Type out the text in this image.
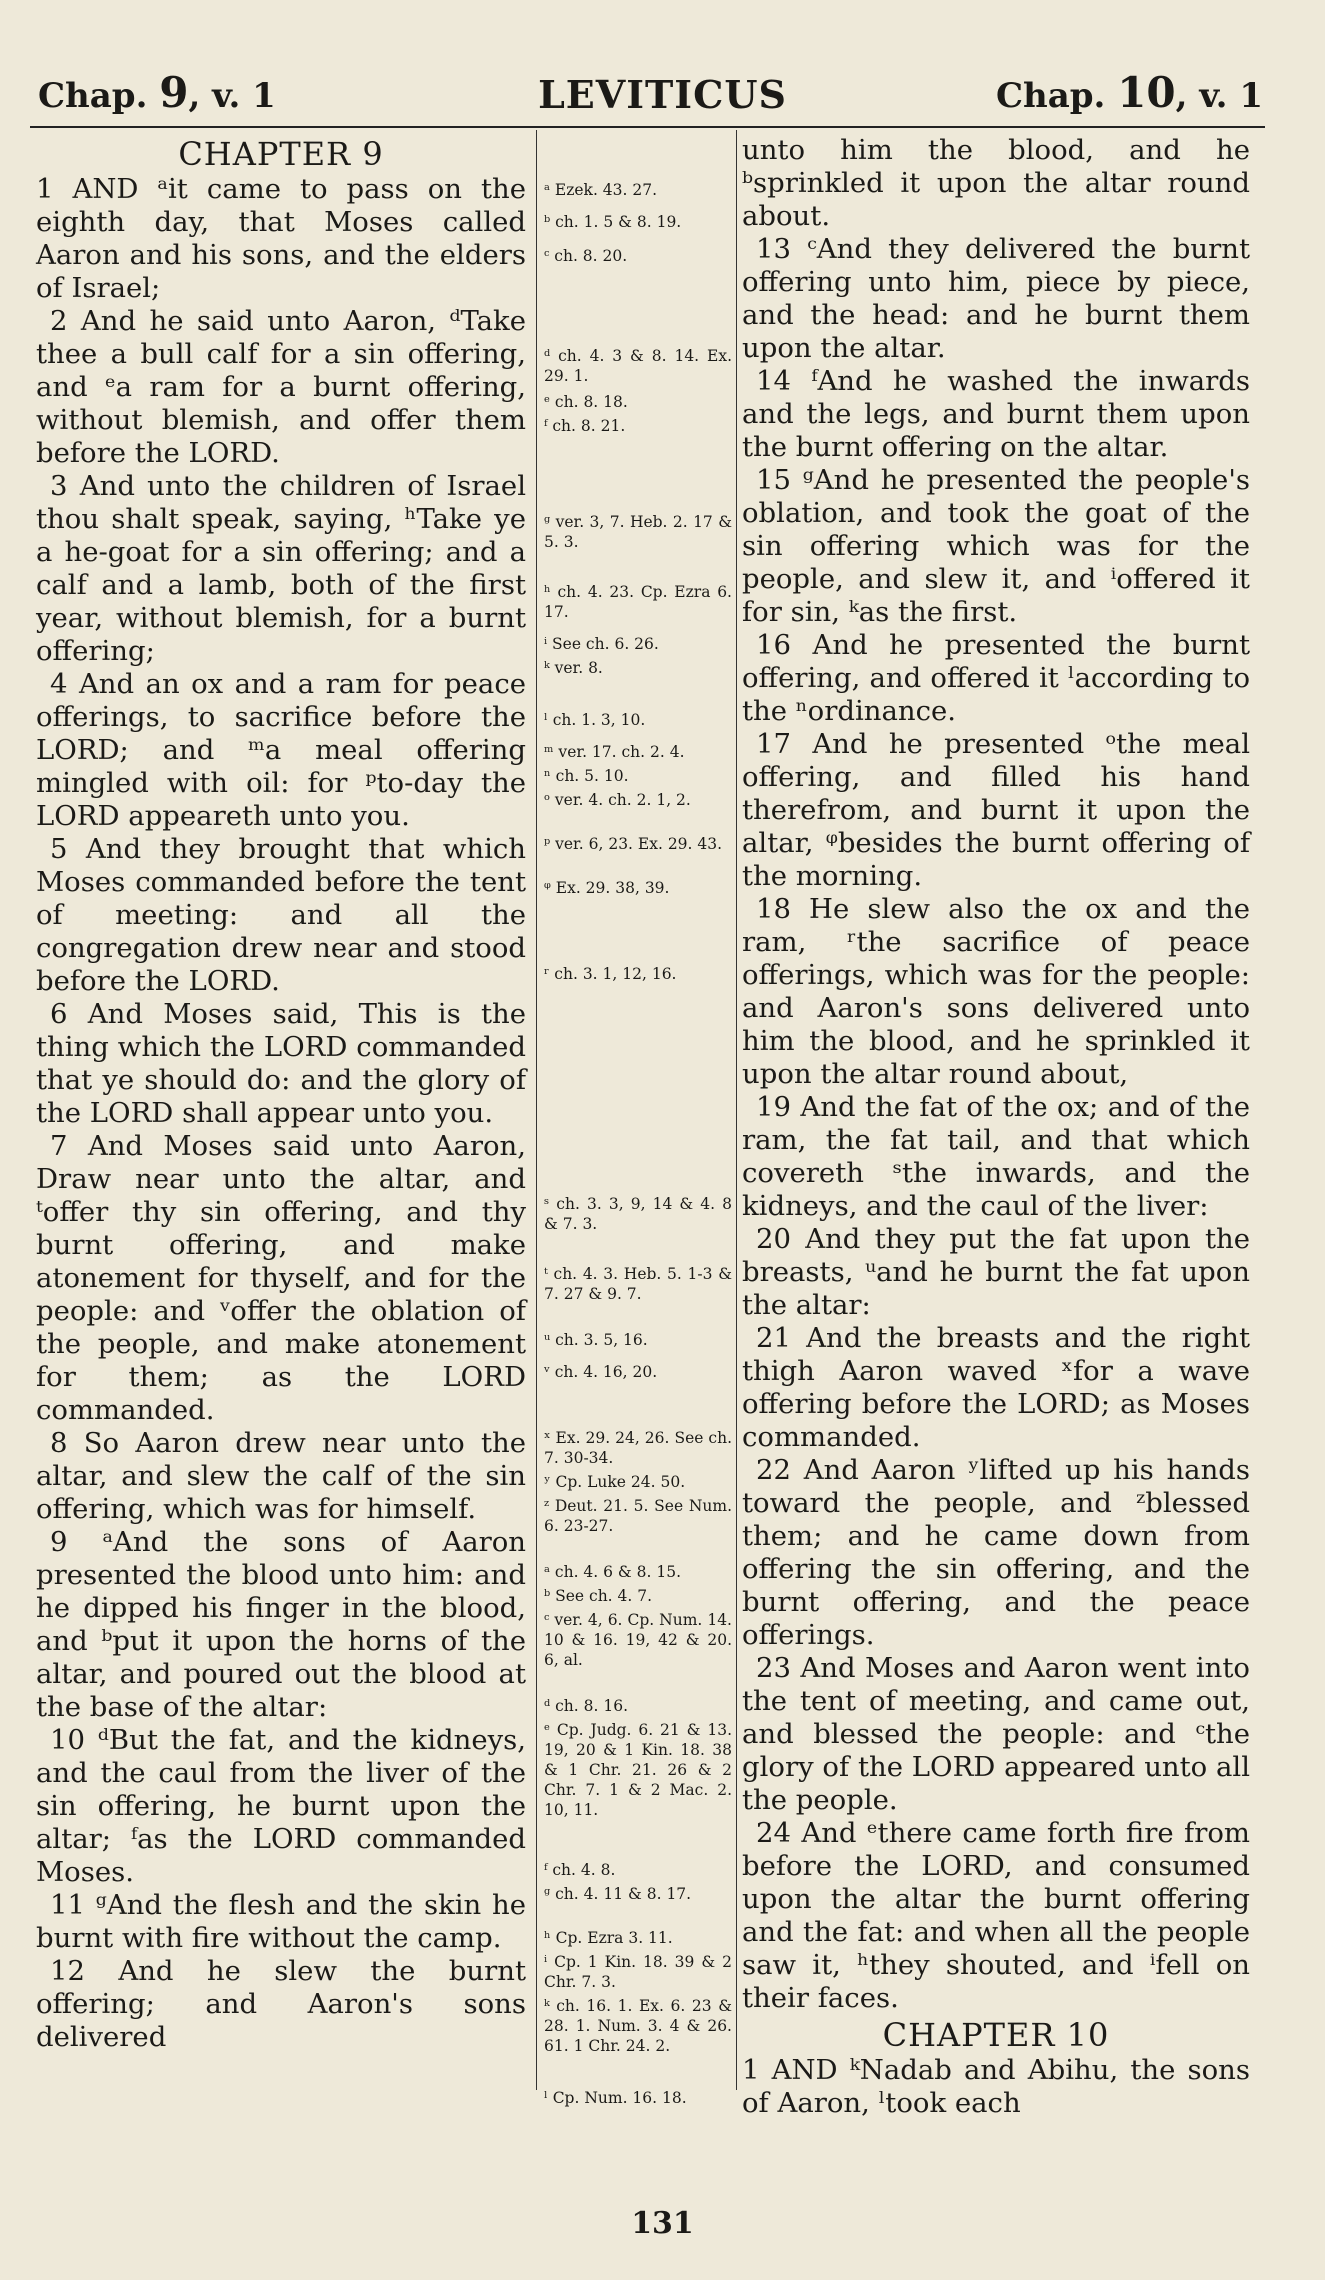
Chap. 9, v. 1	LEVITICUS	Chap. 10, v. 1
CHAPTER 9

1 AND ᵃit came to pass on the eighth day, that Moses called Aaron and his sons, and the elders of Israel;

2 And he said unto Aaron, ᵈTake thee a bull calf for a sin offering, and ᵉa ram for a burnt offering, without blemish, and offer them before the LORD.

3 And unto the children of Israel thou shalt speak, saying, ʰTake ye a he-goat for a sin offering; and a calf and a lamb, both of the first year, without blemish, for a burnt offering;

4 And an ox and a ram for peace offerings, to sacrifice before the LORD; and ᵐa meal offering mingled with oil: for ᵖto-day the LORD appeareth unto you.

5 And they brought that which Moses commanded before the tent of meeting: and all the congregation drew near and stood before the LORD.

6 And Moses said, This is the thing which the LORD commanded that ye should do: and the glory of the LORD shall appear unto you.

7 And Moses said unto Aaron, Draw near unto the altar, and ᵗoffer thy sin offering, and thy burnt offering, and make atonement for thyself, and for the people: and ᵛoffer the oblation of the people, and make atonement for them; as the LORD commanded.

8 So Aaron drew near unto the altar, and slew the calf of the sin offering, which was for himself.

9 ᵃAnd the sons of Aaron presented the blood unto him: and he dipped his finger in the blood, and ᵇput it upon the horns of the altar, and poured out the blood at the base of the altar:

10 ᵈBut the fat, and the kidneys, and the caul from the liver of the sin offering, he burnt upon the altar; ᶠas the LORD commanded Moses.

11 ᵍAnd the flesh and the skin he burnt with fire without the camp.

12 And he slew the burnt offering; and Aaron's sons delivered

ᵃ Ezek. 43. 27.
ᵇ ch. 1. 5 & 8. 19.
ᶜ ch. 8. 20.
ᵈ ch. 4. 3 & 8. 14. Ex. 29. 1.
ᵉ ch. 8. 18.
ᶠ ch. 8. 21.
ᵍ ver. 3, 7. Heb. 2. 17 & 5. 3.
ʰ ch. 4. 23. Cp. Ezra 6. 17.
ⁱ See ch. 6. 26.
ᵏ ver. 8.
ˡ ch. 1. 3, 10.
ᵐ ver. 17. ch. 2. 4.
ⁿ ch. 5. 10.
ᵒ ver. 4. ch. 2. 1, 2.
ᵖ ver. 6, 23. Ex. 29. 43.
ᵠ Ex. 29. 38, 39.
ʳ ch. 3. 1, 12, 16.
ˢ ch. 3. 3, 9, 14 & 4. 8 & 7. 3.
ᵗ ch. 4. 3. Heb. 5. 1-3 & 7. 27 & 9. 7.
ᵘ ch. 3. 5, 16.
ᵛ ch. 4. 16, 20.
ˣ Ex. 29. 24, 26. See ch. 7. 30-34.
ʸ Cp. Luke 24. 50.
ᶻ Deut. 21. 5. See Num. 6. 23-27.
ᵃ ch. 4. 6 & 8. 15.
ᵇ See ch. 4. 7.
ᶜ ver. 4, 6. Cp. Num. 14. 10 & 16. 19, 42 & 20. 6, al.
ᵈ ch. 8. 16.
ᵉ Cp. Judg. 6. 21 & 13. 19, 20 & 1 Kin. 18. 38 & 1 Chr. 21. 26 & 2 Chr. 7. 1 & 2 Mac. 2. 10, 11.
ᶠ ch. 4. 8.
ᵍ ch. 4. 11 & 8. 17.
ʰ Cp. Ezra 3. 11.
ⁱ Cp. 1 Kin. 18. 39 & 2 Chr. 7. 3.
ᵏ ch. 16. 1. Ex. 6. 23 & 28. 1. Num. 3. 4 & 26. 61. 1 Chr. 24. 2.
ˡ Cp. Num. 16. 18.

unto him the blood, and he ᵇsprinkled it upon the altar round about.

13 ᶜAnd they delivered the burnt offering unto him, piece by piece, and the head: and he burnt them upon the altar.

14 ᶠAnd he washed the inwards and the legs, and burnt them upon the burnt offering on the altar.

15 ᵍAnd he presented the people's oblation, and took the goat of the sin offering which was for the people, and slew it, and ⁱoffered it for sin, ᵏas the first.

16 And he presented the burnt offering, and offered it ˡaccording to the ⁿordinance.

17 And he presented ᵒthe meal offering, and filled his hand therefrom, and burnt it upon the altar, ᵠbesides the burnt offering of the morning.

18 He slew also the ox and the ram, ʳthe sacrifice of peace offerings, which was for the people: and Aaron's sons delivered unto him the blood, and he sprinkled it upon the altar round about,

19 And the fat of the ox; and of the ram, the fat tail, and that which covereth ˢthe inwards, and the kidneys, and the caul of the liver:

20 And they put the fat upon the breasts, ᵘand he burnt the fat upon the altar:

21 And the breasts and the right thigh Aaron waved ˣfor a wave offering before the LORD; as Moses commanded.

22 And Aaron ʸlifted up his hands toward the people, and ᶻblessed them; and he came down from offering the sin offering, and the burnt offering, and the peace offerings.

23 And Moses and Aaron went into the tent of meeting, and came out, and blessed the people: and ᶜthe glory of the LORD appeared unto all the people.

24 And ᵉthere came forth fire from before the LORD, and consumed upon the altar the burnt offering and the fat: and when all the people saw it, ʰthey shouted, and ⁱfell on their faces.

CHAPTER 10

1 AND ᵏNadab and Abihu, the sons of Aaron, ˡtook each

131
